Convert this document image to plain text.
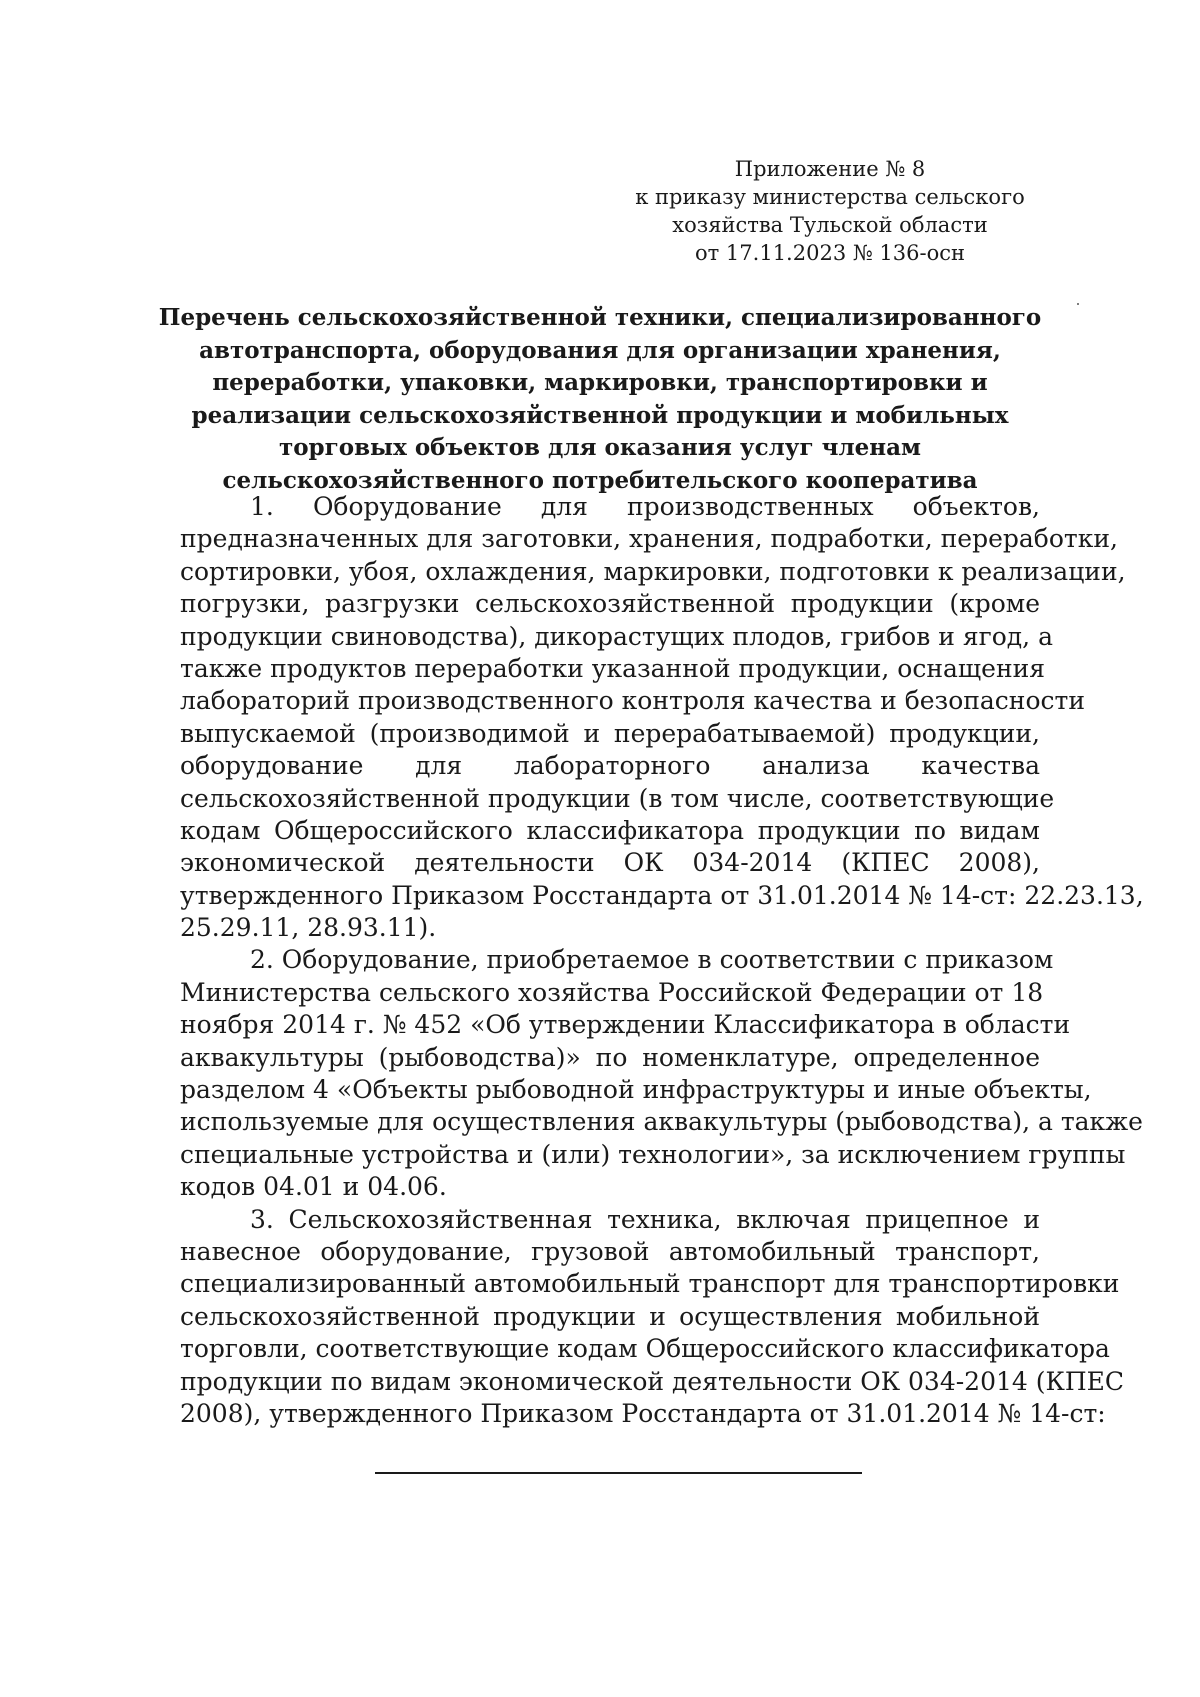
Приложение № 8
к приказу министерства сельского
хозяйства Тульской области
от 17.11.2023 № 136-осн
Перечень сельскохозяйственной техники, специализированного
автотранспорта, оборудования для организации хранения,
переработки, упаковки, маркировки, транспортировки и
реализации сельскохозяйственной продукции и мобильных
торговых объектов для оказания услуг членам
сельскохозяйственного потребительского кооператива
1. Оборудование для производственных объектов,
предназначенных для заготовки, хранения, подработки, переработки,
сортировки, убоя, охлаждения, маркировки, подготовки к реализации,
погрузки, разгрузки сельскохозяйственной продукции (кроме
продукции свиноводства), дикорастущих плодов, грибов и ягод, а
также продуктов переработки указанной продукции, оснащения
лабораторий производственного контроля качества и безопасности
выпускаемой (производимой и перерабатываемой) продукции,
оборудование для лабораторного анализа качества
сельскохозяйственной продукции (в том числе, соответствующие
кодам Общероссийского классификатора продукции по видам
экономической деятельности ОК 034-2014 (КПЕС 2008),
утвержденного Приказом Росстандарта от 31.01.2014 № 14-ст: 22.23.13,
25.29.11, 28.93.11).
2. Оборудование, приобретаемое в соответствии с приказом
Министерства сельского хозяйства Российской Федерации от 18
ноября 2014 г. № 452 «Об утверждении Классификатора в области
аквакультуры (рыбоводства)» по номенклатуре, определенное
разделом 4 «Объекты рыбоводной инфраструктуры и иные объекты,
используемые для осуществления аквакультуры (рыбоводства), а также
специальные устройства и (или) технологии», за исключением группы
кодов 04.01 и 04.06.
3. Сельскохозяйственная техника, включая прицепное и
навесное оборудование, грузовой автомобильный транспорт,
специализированный автомобильный транспорт для транспортировки
сельскохозяйственной продукции и осуществления мобильной
торговли, соответствующие кодам Общероссийского классификатора
продукции по видам экономической деятельности ОК 034-2014 (КПЕС
2008), утвержденного Приказом Росстандарта от 31.01.2014 № 14-ст:
